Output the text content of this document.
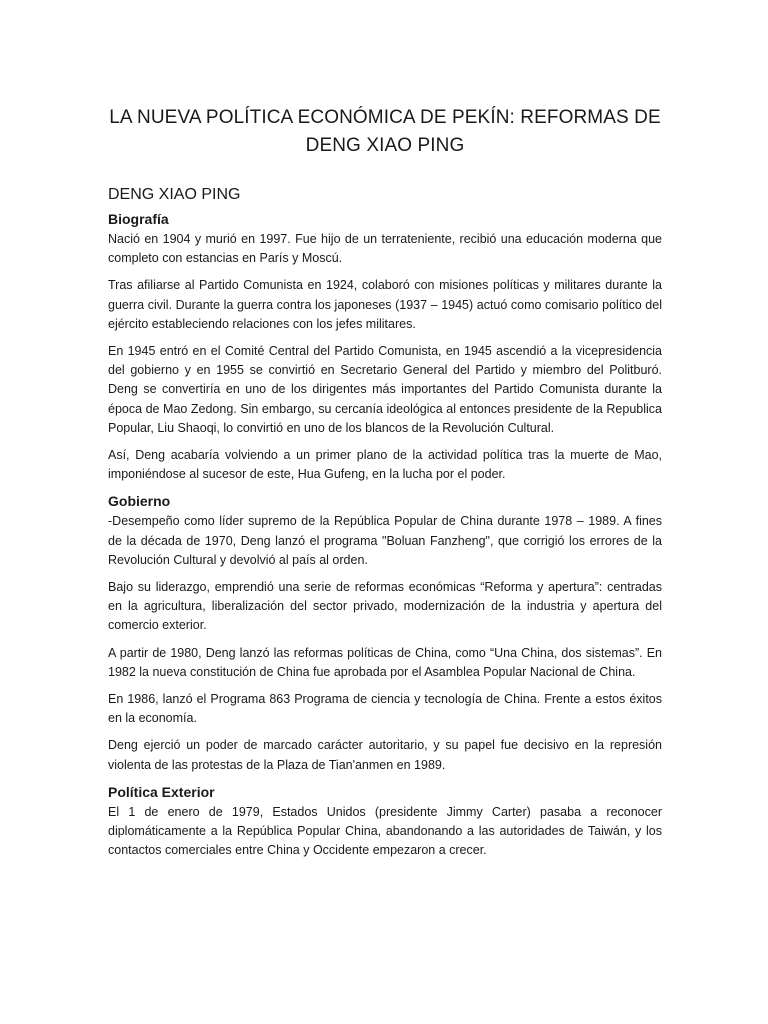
LA NUEVA POLÍTICA ECONÓMICA DE PEKÍN: REFORMAS DE
DENG XIAO PING
DENG XIAO PING
Biografía

Nació en 1904 y murió en 1997. Fue hijo de un terrateniente, recibió una educación moderna que completo con estancias en París y Moscú.

Tras afiliarse al Partido Comunista en 1924, colaboró con misiones políticas y militares durante la guerra civil. Durante la guerra contra los japoneses (1937 – 1945) actuó como comisario político del ejército estableciendo relaciones con los jefes militares.

En 1945 entró en el Comité Central del Partido Comunista, en 1945 ascendió a la vicepresidencia del gobierno y en 1955 se convirtió en Secretario General del Partido y miembro del Politburó. Deng se convertiría en uno de los dirigentes más importantes del Partido Comunista durante la época de Mao Zedong. Sin embargo, su cercanía ideológica al entonces presidente de la Republica Popular, Liu Shaoqi, lo convirtió en uno de los blancos de la Revolución Cultural.

Así, Deng acabaría volviendo a un primer plano de la actividad política tras la muerte de Mao, imponiéndose al sucesor de este, Hua Gufeng, en la lucha por el poder.

Gobierno

-Desempeño como líder supremo de la República Popular de China durante 1978 – 1989. A fines de la década de 1970, Deng lanzó el programa "Boluan Fanzheng", que corrigió los errores de la Revolución Cultural y devolvió al país al orden.

Bajo su liderazgo, emprendió una serie de reformas económicas “Reforma y apertura”: centradas en la agricultura, liberalización del sector privado, modernización de la industria y apertura del comercio exterior.

A partir de 1980, Deng lanzó las reformas políticas de China, como “Una China, dos sistemas”. En 1982 la nueva constitución de China fue aprobada por el Asamblea Popular Nacional de China.

En 1986, lanzó el Programa 863 Programa de ciencia y tecnología de China. Frente a estos éxitos en la economía.

Deng ejerció un poder de marcado carácter autoritario, y su papel fue decisivo en la represión violenta de las protestas de la Plaza de Tian'anmen en 1989.

Política Exterior

El 1 de enero de 1979, Estados Unidos (presidente Jimmy Carter) pasaba a reconocer diplomáticamente a la República Popular China, abandonando a las autoridades de Taiwán, y los contactos comerciales entre China y Occidente empezaron a crecer.
